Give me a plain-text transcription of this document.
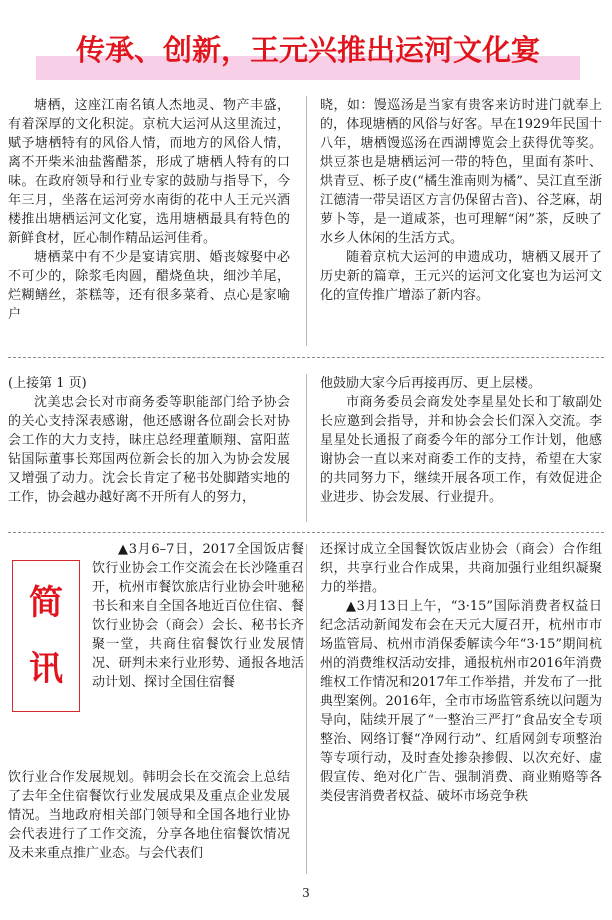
传承、创新，王元兴推出运河文化宴

塘栖，这座江南名镇人杰地灵、物产丰盛，有着深厚的文化积淀。京杭大运河从这里流过，赋予塘栖特有的风俗人情，而地方的风俗人情，离不开柴米油盐酱醋茶，形成了塘栖人特有的口味。在政府领导和行业专家的鼓励与指导下，今年三月，坐落在运河旁水南街的花中人王元兴酒楼推出塘栖运河文化宴，选用塘栖最具有特色的新鲜食材，匠心制作精品运河佳肴。

塘栖菜中有不少是宴请宾朋、婚丧嫁娶中必不可少的，除浆毛肉圆，醋烧鱼块，细沙羊尾，烂糊鳝丝，茶糕等，还有很多菜肴、点心是家喻户

晓，如：馒巡汤是当家有贵客来访时进门就奉上的，体现塘栖的风俗与好客。早在1929年民国十八年，塘栖馒巡汤在西湖博览会上获得优等奖。烘豆茶也是塘栖运河一带的特色，里面有茶叶、烘青豆、栎子皮(“橘生淮南则为橘”、吴江直至浙江德清一带吴语区方言仍保留古音)、谷芝麻，胡萝卜等，是一道咸茶，也可理解“闲”茶，反映了水乡人休闲的生活方式。

随着京杭大运河的申遗成功，塘栖又展开了历史新的篇章，王元兴的运河文化宴也为运河文化的宣传推广增添了新内容。

(上接第 1 页)

沈美忠会长对市商务委等职能部门给予协会的关心支持深表感谢，他还感谢各位副会长对协会工作的大力支持，昧庄总经理董顺翔、富阳蓝钻国际董事长郑国两位新会长的加入为协会发展又增强了动力。沈会长肯定了秘书处脚踏实地的工作，协会越办越好离不开所有人的努力，

他鼓励大家今后再接再厉、更上层楼。

市商务委员会商发处李星星处长和丁敏副处长应邀到会指导，并和协会会长们深入交流。李星星处长通报了商委今年的部分工作计划，他感谢协会一直以来对商委工作的支持，希望在大家的共同努力下，继续开展各项工作，有效促进企业进步、协会发展、行业提升。

简
讯

▲3月6–7日，2017全国饭店餐饮行业协会工作交流会在长沙隆重召开，杭州市餐饮旅店行业协会叶驰秘书长和来自全国各地近百位住宿、餐饮行业协会（商会）会长、秘书长齐聚一堂，共商住宿餐饮行业发展情况、研判未来行业形势、通报各地活动计划、探讨全国住宿餐

饮行业合作发展规划。韩明会长在交流会上总结了去年全住宿餐饮行业发展成果及重点企业发展情况。当地政府相关部门领导和全国各地行业协会代表进行了工作交流，分享各地住宿餐饮情况及未来重点推广业态。与会代表们

还探讨成立全国餐饮饭店业协会（商会）合作组织，共享行业合作成果，共商加强行业组织凝聚力的举措。

▲3月13日上午，“3·15”国际消费者权益日纪念活动新闻发布会在天元大厦召开，杭州市市场监管局、杭州市消保委解读今年“3·15”期间杭州的消费维权活动安排，通报杭州市2016年消费维权工作情况和2017年工作举措，并发布了一批典型案例。2016年，全市市场监管系统以问题为导向，陆续开展了“一整治三严打”食品安全专项整治、网络订餐“净网行动”、红盾网剑专项整治等专项行动，及时查处掺杂掺假、以次充好、虚假宣传、绝对化广告、强制消费、商业贿赂等各类侵害消费者权益、破坏市场竞争秩

3
